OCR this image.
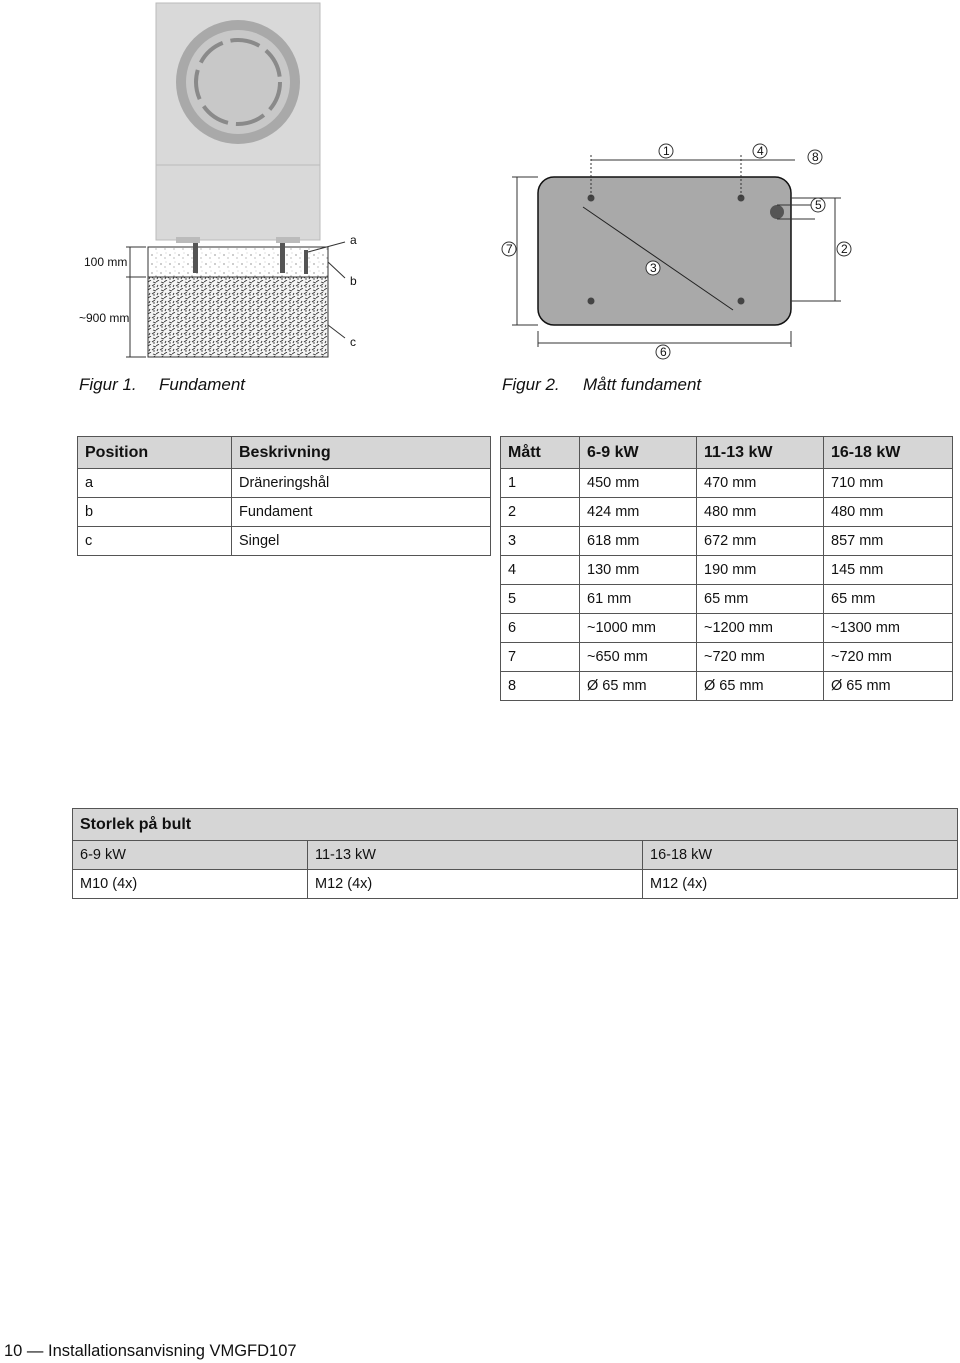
100 mm
~900 mm
a
b
c
Figur 1. Fundament
1	4	8
5
2
7
3
6
Figur 2. Mått fundament
Position	Beskrivning
a	Dräneringshål
b	Fundament
c	Singel
Mått	6-9 kW	11-13 kW	16-18 kW
1	450 mm	470 mm	710 mm
2	424 mm	480 mm	480 mm
3	618 mm	672 mm	857 mm
4	130 mm	190 mm	145 mm
5	61 mm	65 mm	65 mm
6	~1000 mm	~1200 mm	~1300 mm
7	~650 mm	~720 mm	~720 mm
8	Ø 65 mm	Ø 65 mm	Ø 65 mm
Storlek på bult		
6-9 kW	11-13 kW	16-18 kW
M10 (4x)	M12 (4x)	M12 (4x)
10 — Installationsanvisning VMGFD107
